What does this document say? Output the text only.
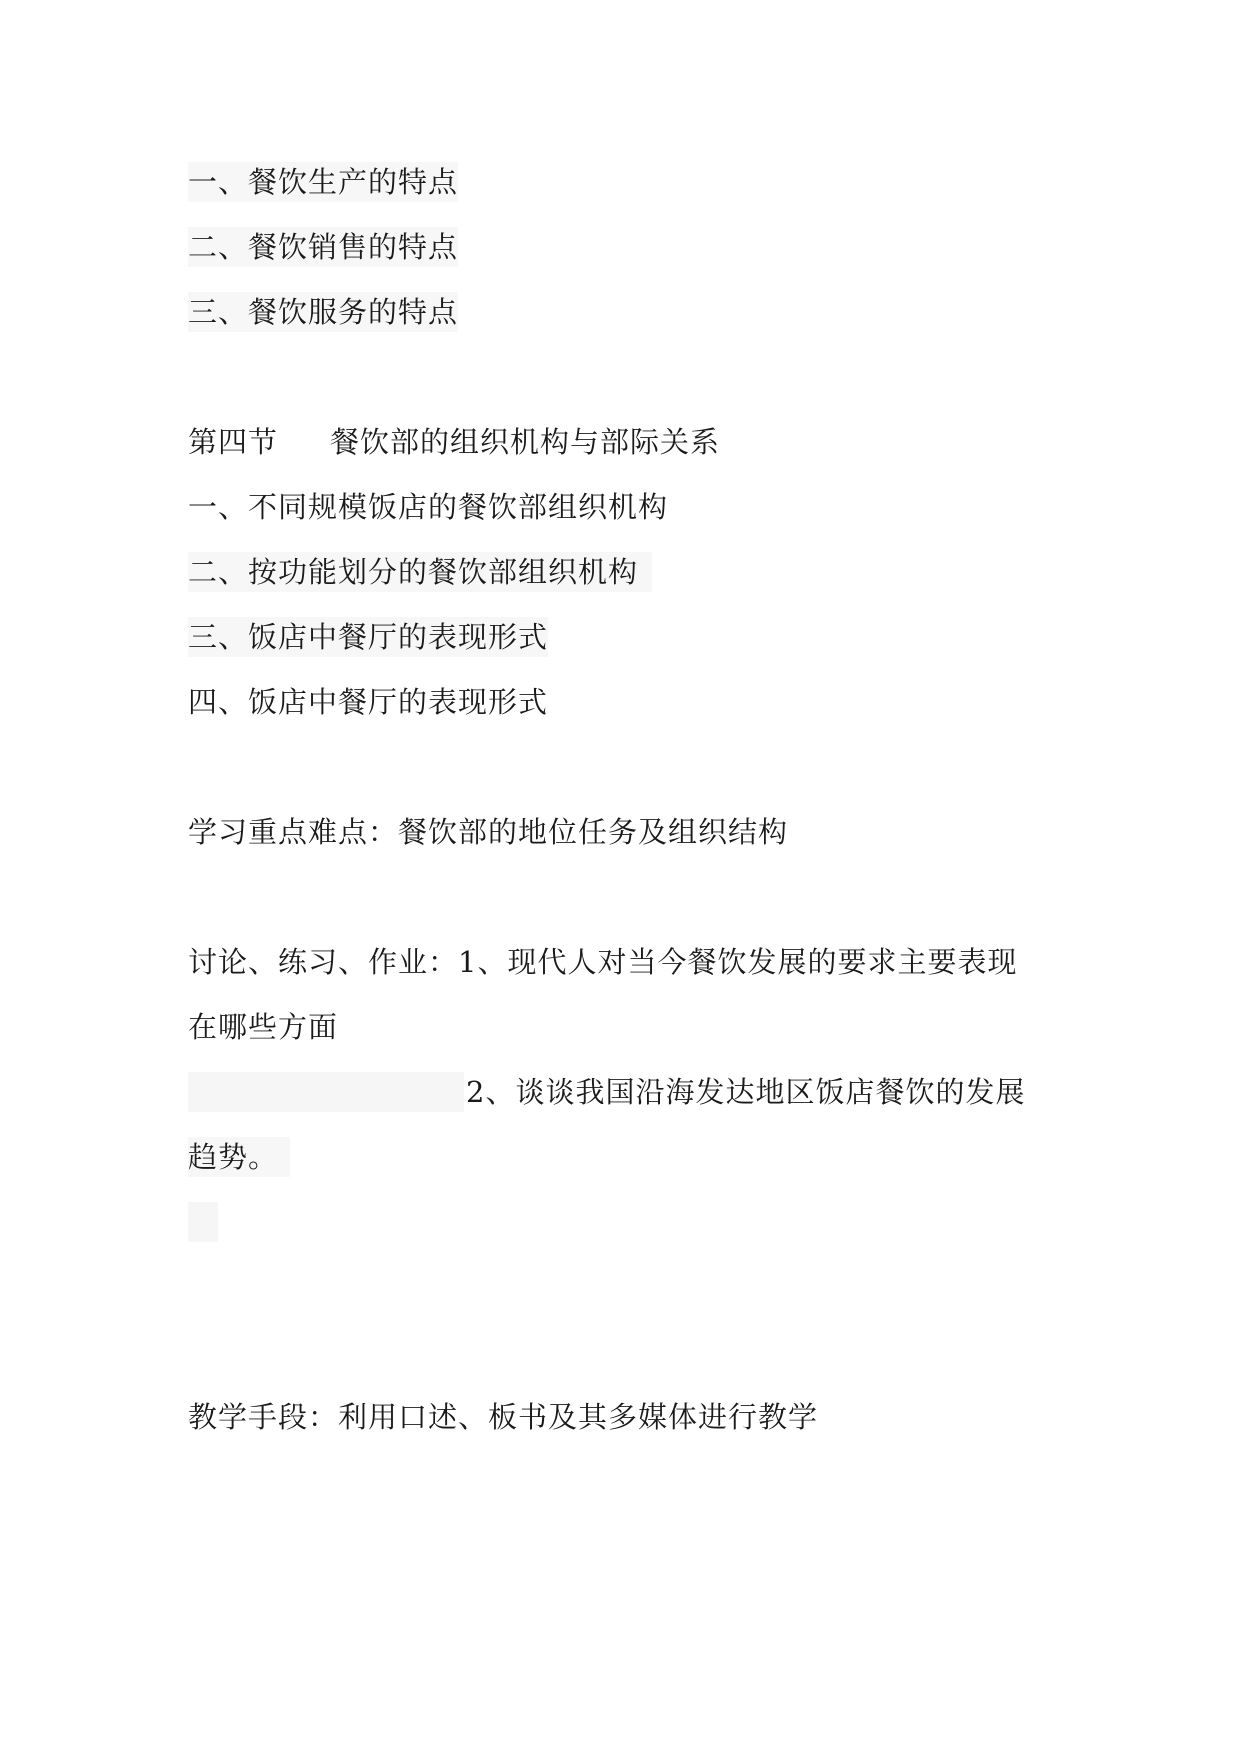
一、餐饮生产的特点
二、餐饮销售的特点
三、餐饮服务的特点
第四节 餐饮部的组织机构与部际关系
一、不同规模饭店的餐饮部组织机构
二、按功能划分的餐饮部组织机构
三、饭店中餐厅的表现形式
四、饭店中餐厅的表现形式
学习重点难点：餐饮部的地位任务及组织结构
讨论、练习、作业：1、现代人对当今餐饮发展的要求主要表现
在哪些方面
2、谈谈我国沿海发达地区饭店餐饮的发展
趋势。
教学手段：利用口述、板书及其多媒体进行教学
